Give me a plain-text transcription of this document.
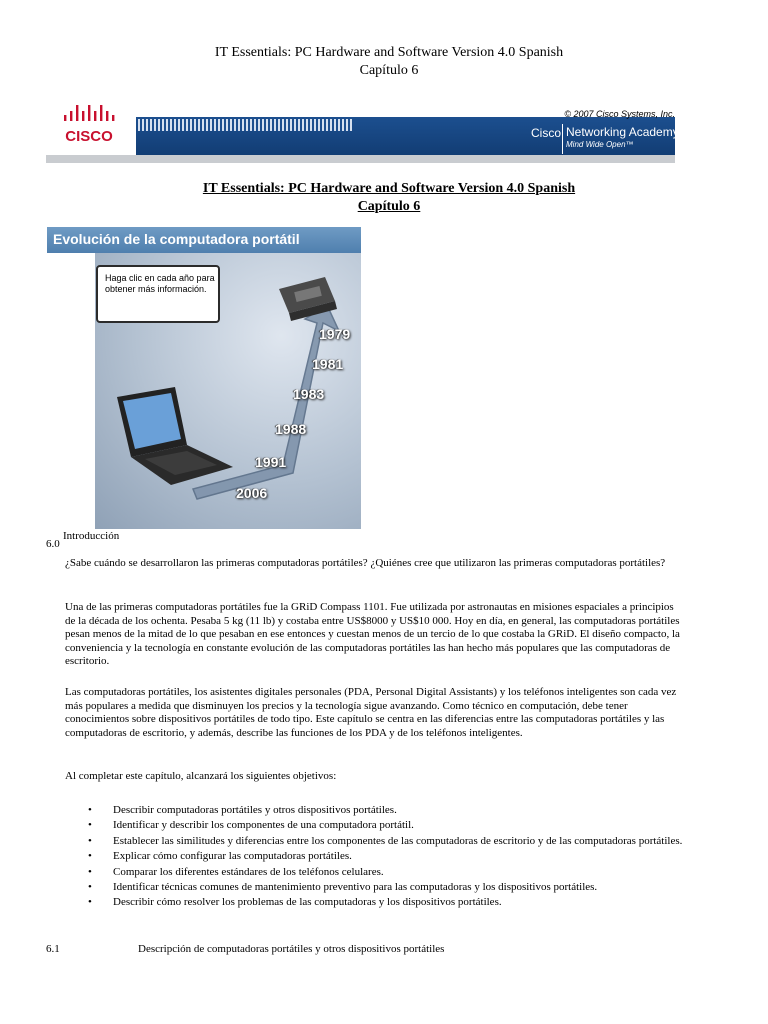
IT Essentials: PC Hardware and Software Version 4.0 Spanish
Capítulo 6
CISCO
© 2007 Cisco Systems, Inc.
Cisco Networking Academy®
Mind Wide Open™
IT Essentials: PC Hardware and Software Version 4.0 Spanish
Capítulo 6
Evolución de la computadora portátil
Haga clic en cada año para obtener más información.
1979
1981
1983
1988
1991
2006
6.0
Introducción
¿Sabe cuándo se desarrollaron las primeras computadoras portátiles? ¿Quiénes cree que utilizaron las primeras computadoras portátiles?
Una de las primeras computadoras portátiles fue la GRiD Compass 1101. Fue utilizada por astronautas en misiones espaciales a principios de la década de los ochenta. Pesaba 5 kg (11 lb) y costaba entre US$8000 y US$10 000. Hoy en día, en general, las computadoras portátiles pesan menos de la mitad de lo que pesaban en ese entonces y cuestan menos de un tercio de lo que costaba la GRiD. El diseño compacto, la conveniencia y la tecnología en constante evolución de las computadoras portátiles las han hecho más populares que las computadoras de escritorio.
Las computadoras portátiles, los asistentes digitales personales (PDA, Personal Digital Assistants) y los teléfonos inteligentes son cada vez más populares a medida que disminuyen los precios y la tecnología sigue avanzando. Como técnico en computación, debe tener conocimientos sobre dispositivos portátiles de todo tipo. Este capítulo se centra en las diferencias entre las computadoras portátiles y las computadoras de escritorio, y además, describe las funciones de los PDA y de los teléfonos inteligentes.
Al completar este capítulo, alcanzará los siguientes objetivos:
• Describir computadoras portátiles y otros dispositivos portátiles.
• Identificar y describir los componentes de una computadora portátil.
• Establecer las similitudes y diferencias entre los componentes de las computadoras de escritorio y de las computadoras portátiles.
• Explicar cómo configurar las computadoras portátiles.
• Comparar los diferentes estándares de los teléfonos celulares.
• Identificar técnicas comunes de mantenimiento preventivo para las computadoras y los dispositivos portátiles.
• Describir cómo resolver los problemas de las computadoras y los dispositivos portátiles.
6.1	Descripción de computadoras portátiles y otros dispositivos portátiles
